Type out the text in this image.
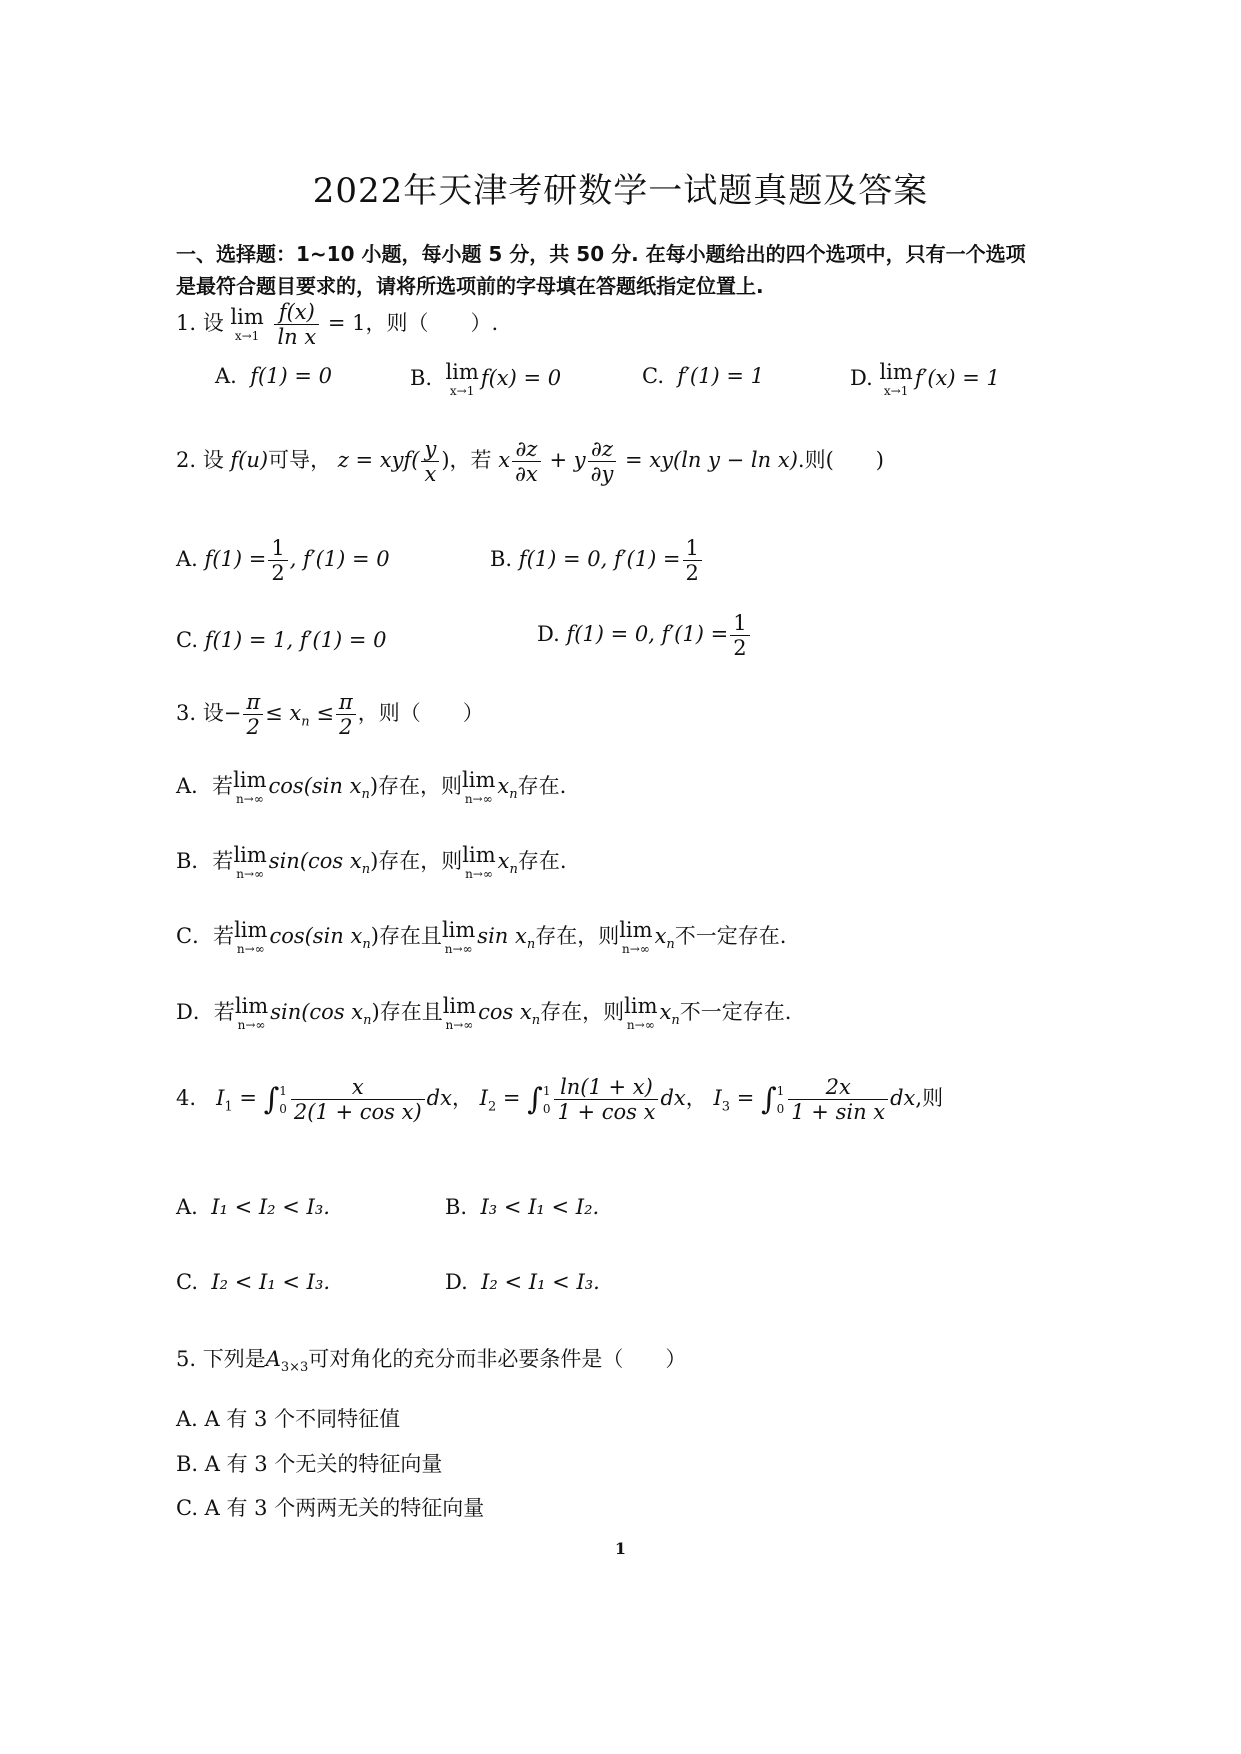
2022年天津考研数学一试题真题及答案
一、选择题：1~10 小题，每小题 5 分，共 50 分. 在每小题给出的四个选项中，只有一个选项
是最符合题目要求的，请将所选项前的字母填在答题纸指定位置上.
1. 设 lim
x→1
$\frac{f(x)}{\text{ln x}} = 1$，则（　　）.
A. f(1) = 0	B. lim
x→1
f(x) = 0	C. f′(1) = 1	D. lim
x→1
f′(x) = 1
2. 设 f(u)可导， $z = xyf( \frac{y}{x}$ )，若 x $\frac{\partial z}{\partial x} + y \frac{\partial z}{\partial y} = xy(\ln$ y − ln x).则(　　)
A. $f(1) = \frac{1}{2}$ , f′(1) = 0	B. f(1) = 0, $f'(1) = \frac{1}{2}$
C. f(1) = 1, f′(1) = 0	D. f(1) = 0, $f'(1) = \frac{1}{2}$
3. 设− $\frac{\pi}{2} \le x_n \le \frac{\pi}{2}$ ，则（　　）
A．若lim
n→∞
cos(sin $x_n$)存在，则lim
n→∞
$x_n$存在.
B．若lim
n→∞
sin(cos $x_n$)存在，则lim
n→∞
$x_n$存在.
C．若lim
n→∞
cos(sin $x_n$)存在且lim
n→∞
$\sin x_n$存在，则lim
n→∞
$x_n$不一定存在.
D．若lim
n→∞
sin(cos $x_n$)存在且lim
n→∞
$\cos x_n$存在，则lim
n→∞
$x_n$不一定存在.
4. $I_1$ = ∫ 1
$0 \frac{x}{\text{2(1 + cos x)}}$ dx， $I_2$ = ∫ 1
$0 \frac{\ln(1 + x)}{\text{1 + cos x}}$ dx， $I_3$ = ∫ 1
$0 \frac{2x}{\text{1 + sin x}}$ dx,则
A. I₁ < I₂ < I₃.	B. I₃ < I₁ < I₂.
C. I₂ < I₁ < I₃.	D. I₂ < I₁ < I₃.
5. 下列是$A_{3\times 3}$可对角化的充分而非必要条件是（　　）
A. A 有 3 个不同特征值
B. A 有 3 个无关的特征向量
C. A 有 3 个两两无关的特征向量
1
